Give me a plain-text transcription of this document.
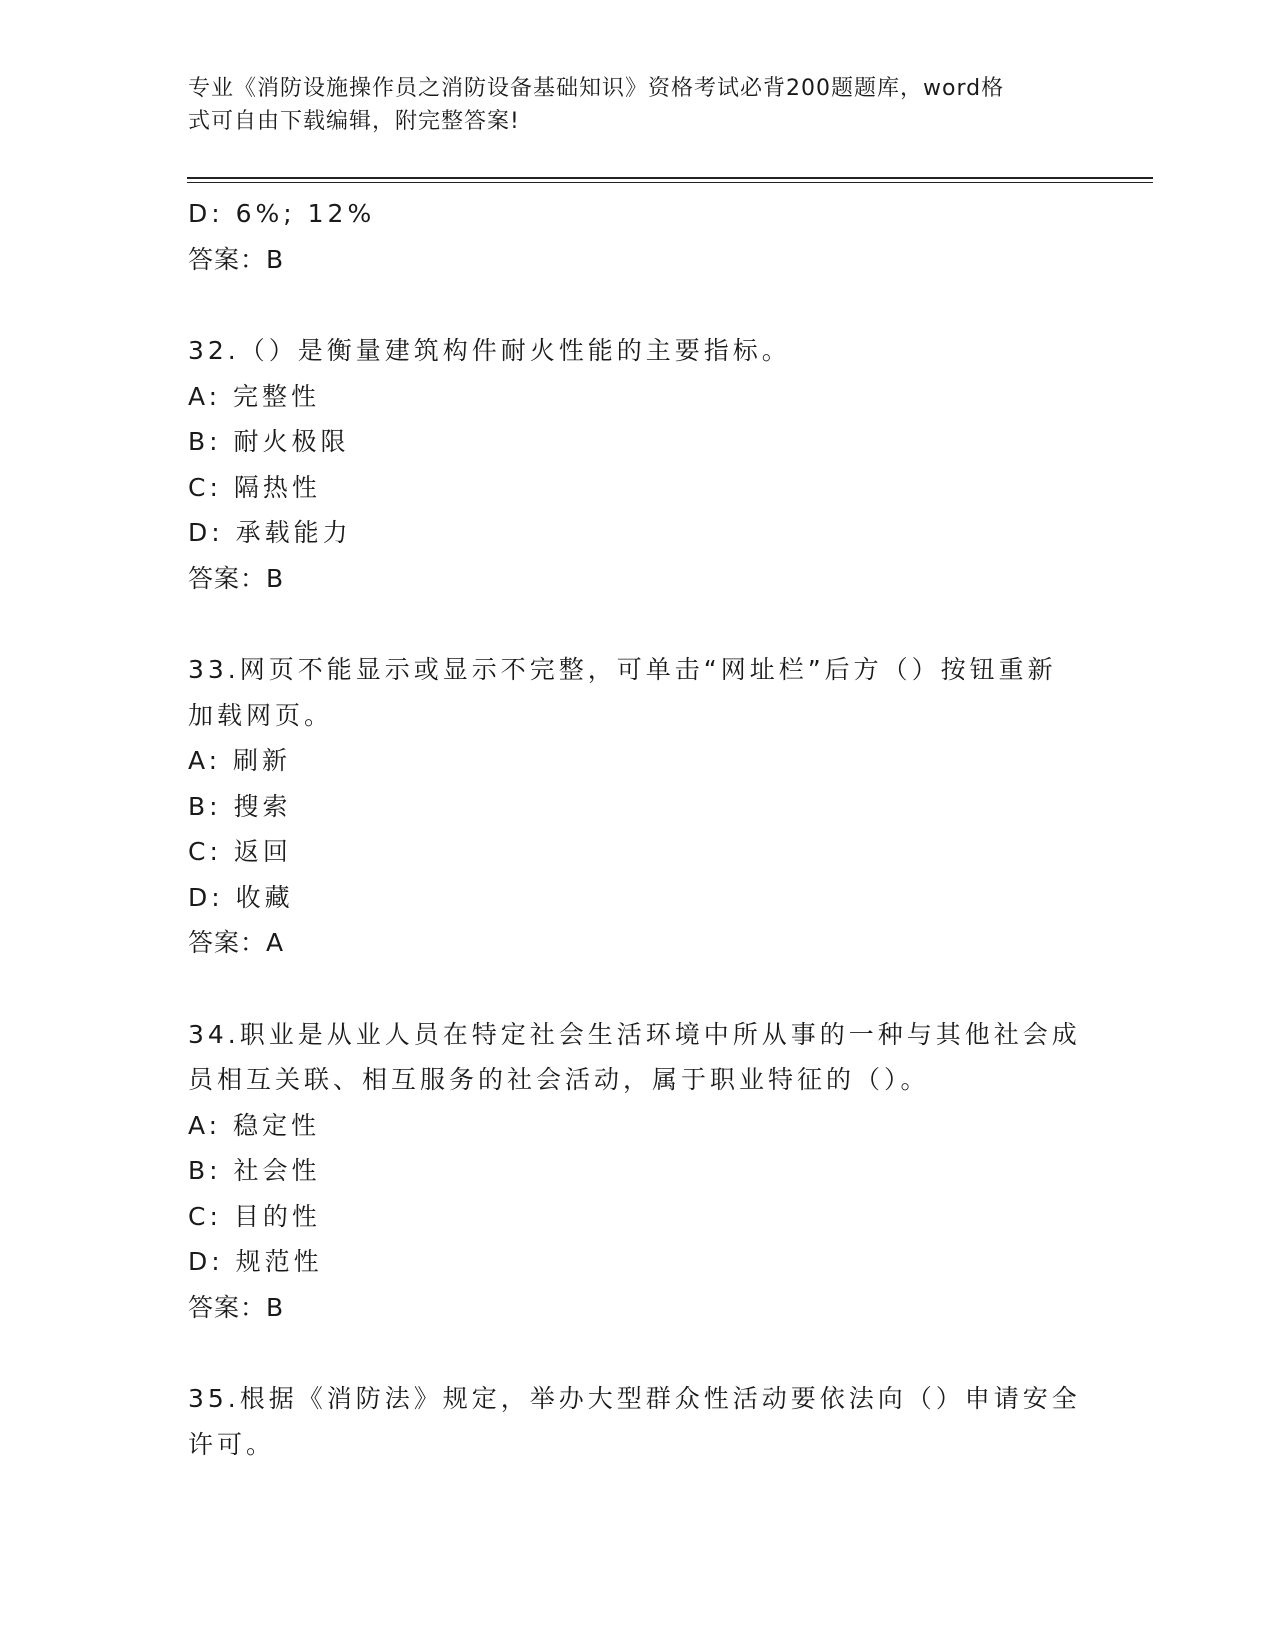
专业《消防设施操作员之消防设备基础知识》资格考试必背200题题库，word格
式可自由下载编辑，附完整答案!
D: 6%; 12%
答案：B
32.（）是衡量建筑构件耐火性能的主要指标。
A: 完整性
B: 耐火极限
C: 隔热性
D: 承载能力
答案：B
33.网页不能显示或显示不完整，可单击“网址栏”后方（）按钮重新
加载网页。
A: 刷新
B: 搜索
C: 返回
D: 收藏
答案：A
34.职业是从业人员在特定社会生活环境中所从事的一种与其他社会成
员相互关联、相互服务的社会活动，属于职业特征的（）。
A: 稳定性
B: 社会性
C: 目的性
D: 规范性
答案：B
35.根据《消防法》规定，举办大型群众性活动要依法向（）申请安全
许可。
